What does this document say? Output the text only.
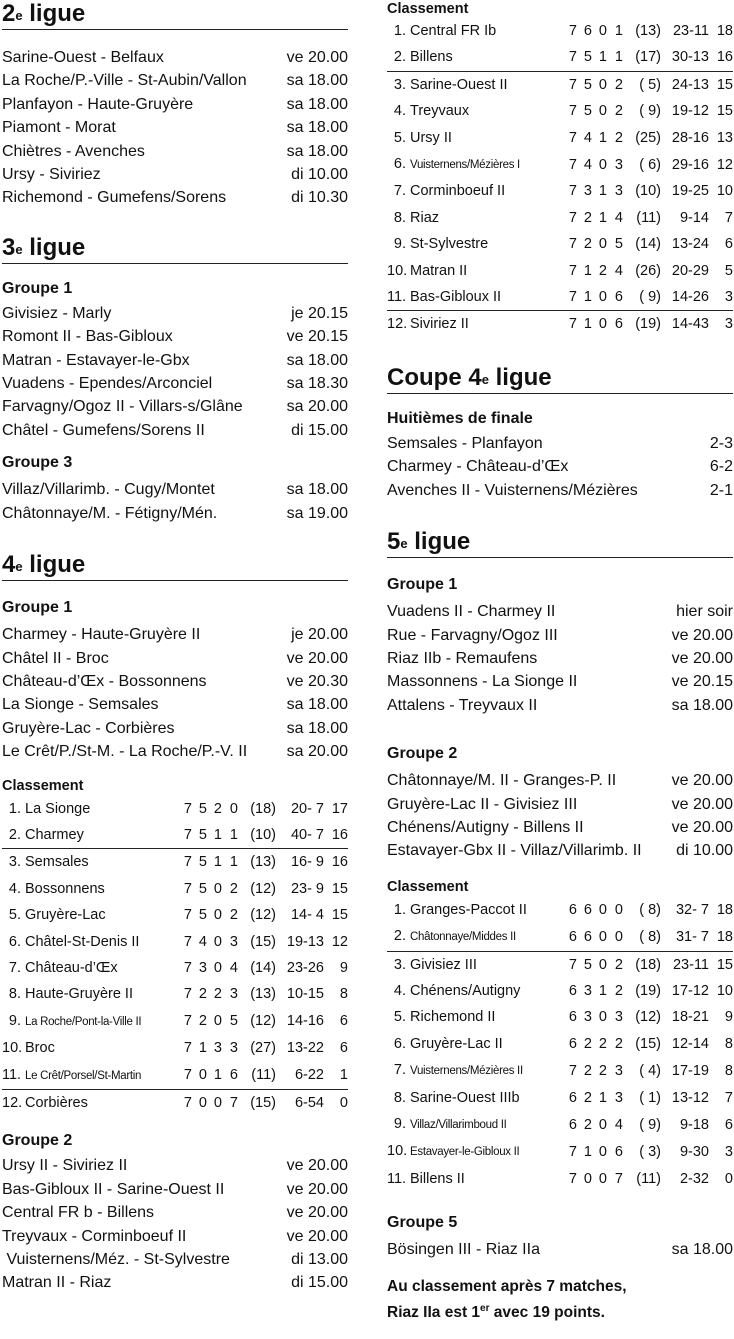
2e ligue
Sarine-Ouest - Belfaux	ve 20.00
La Roche/P.-Ville - St-Aubin/Vallon	sa 18.00
Planfayon - Haute-Gruyère	sa 18.00
Piamont - Morat	sa 18.00
Chiètres - Avenches	sa 18.00
Ursy - Siviriez	di 10.00
Richemond - Gumefens/Sorens	di 10.30
3e ligue
Groupe 1
Givisiez - Marly	je 20.15
Romont II - Bas-Gibloux	ve 20.15
Matran - Estavayer-le-Gbx	sa 18.00
Vuadens - Ependes/Arconciel	sa 18.30
Farvagny/Ogoz II - Villars-s/Glâne	sa 20.00
Châtel - Gumefens/Sorens II	di 15.00
Groupe 3
Villaz/Villarimb. - Cugy/Montet	sa 18.00
Châtonnaye/M. - Fétigny/Mén.	sa 19.00
4e ligue
Groupe 1
Charmey - Haute-Gruyère II	je 20.00
Châtel II - Broc	ve 20.00
Château-d’Œx - Bossonnens	ve 20.30
La Sionge - Semsales	sa 18.00
Gruyère-Lac - Corbières	sa 18.00
Le Crêt/P./St-M. - La Roche/P.-V. II sa 20.00
Classement
1. La Sionge	7	5	2	0	(18)	20- 7	17
2. Charmey	7	5	1	1	(10)	40- 7	16
3. Semsales	7	5	1	1	(13)	16- 9	16
4. Bossonnens	7	5	0	2	(12)	23- 9	15
5. Gruyère-Lac	7	5	0	2	(12)	14- 4	15
6. Châtel-St-Denis II	7	4	0	3	(15)	19-13	12
7. Château-d’Œx	7	3	0	4	(14)	23-26	9
8. Haute-Gruyère II	7	2	2	3	(13)	10-15	8
9. La Roche/Pont-la-Ville II	7	2	0	5	(12)	14-16	6
10. Broc	7	1	3	3	(27)	13-22	6
11. Le Crêt/Porsel/St-Martin	7	0	1	6	(11)	6-22	1
12. Corbières	7	0	0	7	(15)	6-54	0
Groupe 2
Ursy II - Siviriez II	ve 20.00
Bas-Gibloux II - Sarine-Ouest II	ve 20.00
Central FR b - Billens	ve 20.00
Treyvaux - Corminboeuf II	ve 20.00
Vuisternens/Méz. - St-Sylvestre	di 13.00
Matran II - Riaz	di 15.00
Classement
1. Central FR Ib	7	6	0	1	(13)	23-11	18
2. Billens	7	5	1	1	(17)	30-13	16
3. Sarine-Ouest II	7	5	0	2	( 5)	24-13	15
4. Treyvaux	7	5	0	2	( 9)	19-12	15
5. Ursy II	7	4	1	2	(25)	28-16	13
6. Vuisternens/Mézières I	7	4	0	3	( 6)	29-16	12
7. Corminboeuf II	7	3	1	3	(10)	19-25	10
8. Riaz	7	2	1	4	(11)	9-14	7
9. St-Sylvestre	7	2	0	5	(14)	13-24	6
10. Matran II	7	1	2	4	(26)	20-29	5
11. Bas-Gibloux II	7	1	0	6	( 9)	14-26	3
12. Siviriez II	7	1	0	6	(19)	14-43	3
Coupe 4e ligue
Huitièmes de finale
Semsales - Planfayon	2-3
Charmey - Château-d’Œx	6-2
Avenches II - Vuisternens/Mézières	2-1
5e ligue
Groupe 1
Vuadens II - Charmey II	hier soir
Rue - Farvagny/Ogoz III	ve 20.00
Riaz IIb - Remaufens	ve 20.00
Massonnens - La Sionge II	ve 20.15
Attalens - Treyvaux II	sa 18.00
Groupe 2
Châtonnaye/M. II - Granges-P. II	ve 20.00
Gruyère-Lac II - Givisiez III	ve 20.00
Chénens/Autigny - Billens II	ve 20.00
Estavayer-Gbx II - Villaz/Villarimb. II di 10.00
Classement
1. Granges-Paccot II	6	6	0	0	( 8)	32- 7	18
2. Châtonnaye/Middes II	6	6	0	0	( 8)	31- 7	18
3. Givisiez III	7	5	0	2	(18)	23-11	15
4. Chénens/Autigny	6	3	1	2	(19)	17-12	10
5. Richemond II	6	3	0	3	(12)	18-21	9
6. Gruyère-Lac II	6	2	2	2	(15)	12-14	8
7. Vuisternens/Mézières II	7	2	2	3	( 4)	17-19	8
8. Sarine-Ouest IIIb	6	2	1	3	( 1)	13-12	7
9. Villaz/Villarimboud II	6	2	0	4	( 9)	9-18	6
10. Estavayer-le-Gibloux II	7	1	0	6	( 3)	9-30	3
11. Billens II	7	0	0	7	(11)	2-32	0
Groupe 5
Bösingen III - Riaz IIa	sa 18.00
Au classement après 7 matches,
Riaz IIa est 1er avec 19 points.
